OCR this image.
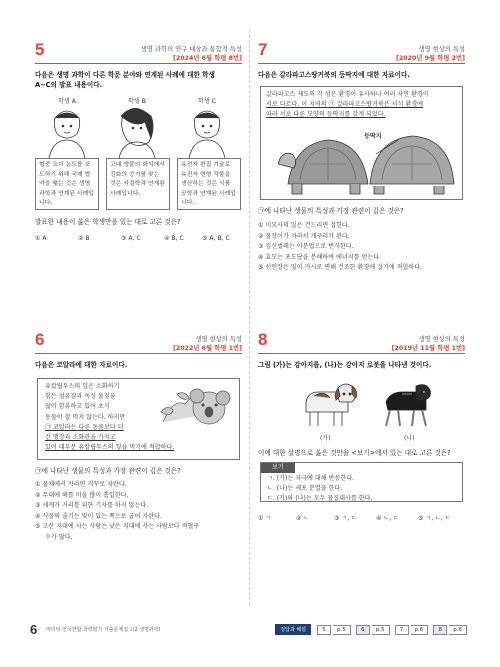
5	생명 과학의 연구 대상과 통합적 특성
[2024년 6월 학평 8번]
다음은 생명 과학이 다른 학문 분야와 연계된 사례에 대한 학생
A~C의 발표 내용이다.
학생 A	학생 B	학생 C
혈중 요더 농도를 포도하기 위해 국제 협약을 맺는 것은 생명 과학과 연계된 사례입니다.
고대 생물의 화석에서 진화의 증거를 찾는 것은 지질학과 연계된 사례입니다.
유전자 편집 기술로 유전자 변형 작물을 생산하는 것은 식품 공학과 연계된 사례입니다.
발표한 내용이 옳은 학생만을 있는 대로 고른 것은?
① A	② B	③ A, C	④ B, C	⑤ A, B, C
7	생명 현상의 특성
[2020년 9월 학평 2번]
다음은 갈라파고스땅거북의 등딱지에 대한 자료이다.
갈라파고스 제도의 각 섬은 환경이 유사하나 여러 자연 환경이
서로 다르다. 이 지역의 ㉠ 갈라파고스땅거북은 서식 환경에
따라 서로 다른 모양의 등딱지를 갖게 되었다.
등딱지
㉠에 나타난 생물의 특성과 가장 관련이 깊은 것은?
① 미모사의 잎은 건드리면 접힌다.
② 물장이가 자라서 개구리가 된다.
③ 짚신벌레는 이분법으로 번식한다.
④ 효모는 포도당을 분해하여 에너지를 얻는다.
⑤ 선인장은 잎이 가시로 변해 건조한 환경에 살기에 적합하다.
6	생명 현상의 특성
[2022년 6월 학평 1번]
다음은 코알라에 대한 자료이다.
유칼립투스의 잎은 소화하기
힘든 섬유질과 독성 물질을
많이 함유하고 있어 초식
동물이 잘 먹지 않는다. 하지만
㉠ 코알라는 다른 동물보다 더
긴 맹장과 소화관을 가지고
있어 대부분 유칼립투스의 잎을 먹기에 적합하다.
㉠에 나타난 생물의 특성과 가장 관련이 깊은 것은?
① 물체에서 자라면 거꾸로 자란다.
② 무대에 해를 미울 많이 흡입한다.
③ 세게가 거리를 위한 기자를 하지 않는다.
④ 식물의 줄기는 빛이 있는 쪽으로 굽어 자란다.
⑤ 고산 지대에 사는 사람은 낮은 지대에 사는 사람보다 적혈구
수가 많다.
8	생명 현상의 특성
[2019년 11월 학평 1번]
그림 (가)는 강아지를, (나)는 강아지 로봇을 나타낸 것이다.
(가)	(나)
이에 대한 설명으로 옳은 것만을 <보기>에서 있는 대로 고른 것은?
보기
ㄱ. (가)는 자극에 대해 반응한다.
ㄴ. (나)는 세포 분열을 한다.
ㄷ. (가)와 (나)는 모두 물질대사를 한다.
① ㄱ	② ㄴ	③ ㄱ, ㄷ	④ ㄴ, ㄷ	⑤ ㄱ, ㄴ, ㄷ
6 마더텅 전국연합 학력평가 기출문제집 고2 생명과학Ⅰ	정답과 해설	5	p.5	6	p.5	7	p.6	8	p.6
